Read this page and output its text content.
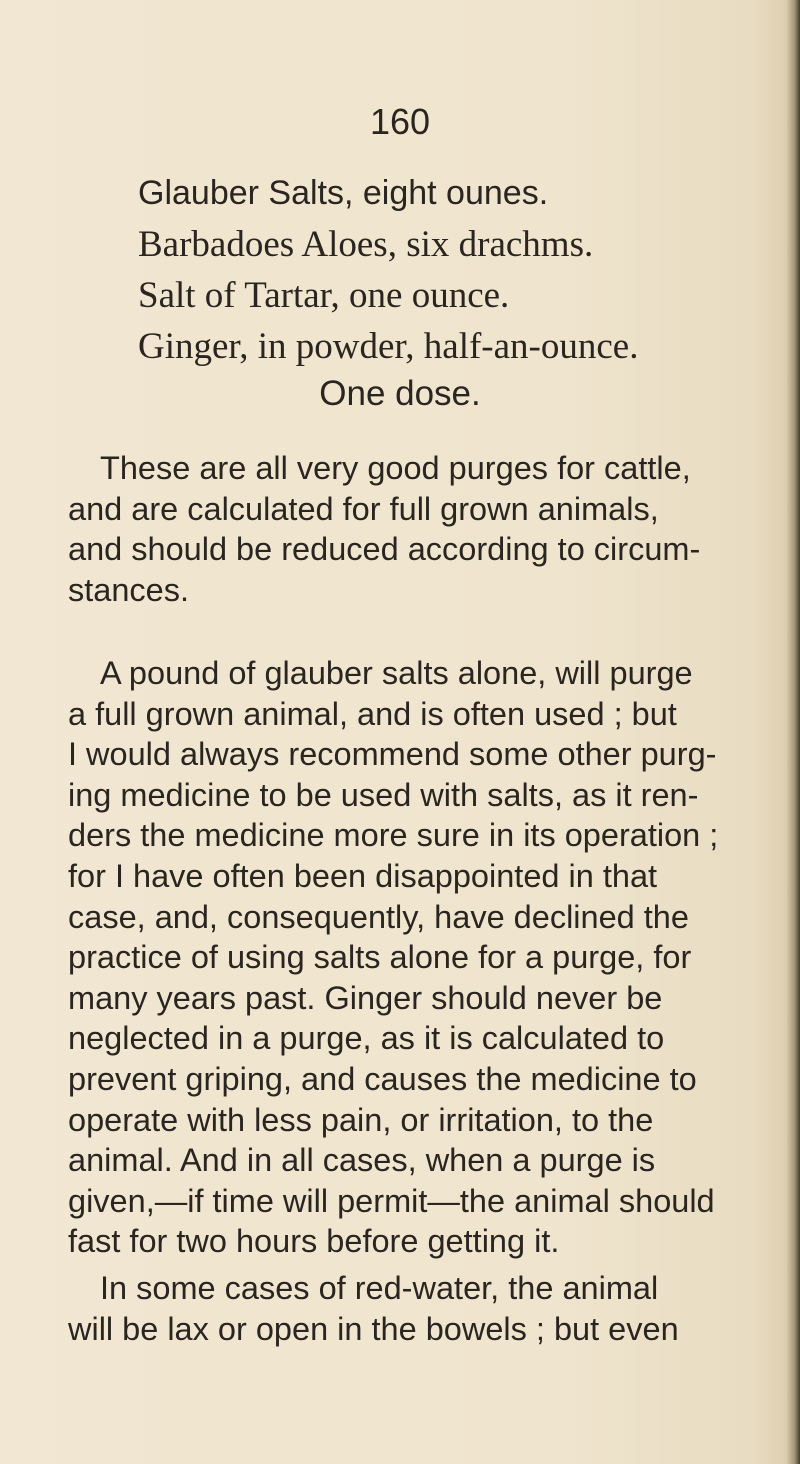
160
Glauber Salts, eight ounes.
Barbadoes Aloes, six drachms.
Salt of Tartar, one ounce.
Ginger, in powder, half-an-ounce.
One dose.
These are all very good purges for cattle,
and are calculated for full grown animals,
and should be reduced according to circum-
stances.
A pound of glauber salts alone, will purge
a full grown animal, and is often used ; but
I would always recommend some other purg-
ing medicine to be used with salts, as it ren-
ders the medicine more sure in its operation ;
for I have often been disappointed in that
case, and, consequently, have declined the
practice of using salts alone for a purge, for
many years past. Ginger should never be
neglected in a purge, as it is calculated to
prevent griping, and causes the medicine to
operate with less pain, or irritation, to the
animal. And in all cases, when a purge is
given,—if time will permit—the animal should
fast for two hours before getting it.
In some cases of red-water, the animal
will be lax or open in the bowels ; but even
